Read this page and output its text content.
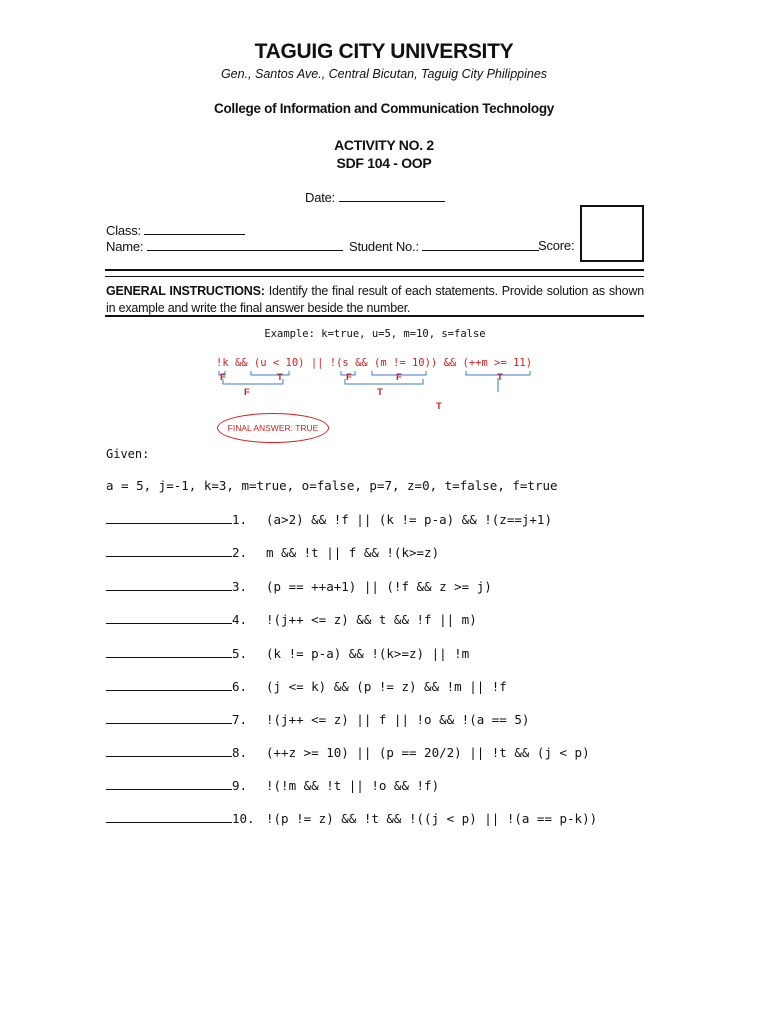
TAGUIG CITY UNIVERSITY
Gen., Santos Ave., Central Bicutan, Taguig City Philippines
College of Information and Communication Technology
ACTIVITY NO. 2
SDF 104 - OOP
Date:
Class:
Name:	Student No.:	Score:
GENERAL INSTRUCTIONS: Identify the final result of each statements. Provide solution as shown in example and write the final answer beside the number.
Example: k=true, u=5, m=10, s=false
!k && (u < 10) || !(s && (m != 10)) && (++m >= 11)
F	T	F	F	T
F	T
T
FINAL ANSWER: TRUE
Given:
a = 5, j=-1, k=3, m=true, o=false, p=7, z=0, t=false, f=true
1. (a>2) && !f || (k != p-a) && !(z==j+1)
2. m && !t || f && !(k>=z)
3. (p == ++a+1) || (!f && z >= j)
4. !(j++ <= z) && t && !f || m)
5. (k != p-a) && !(k>=z) || !m
6. (j <= k) && (p != z) && !m || !f
7. !(j++ <= z) || f || !o && !(a == 5)
8. (++z >= 10) || (p == 20/2) || !t && (j < p)
9. !(!m && !t || !o && !f)
10. !(p != z) && !t && !((j < p) || !(a == p-k))
